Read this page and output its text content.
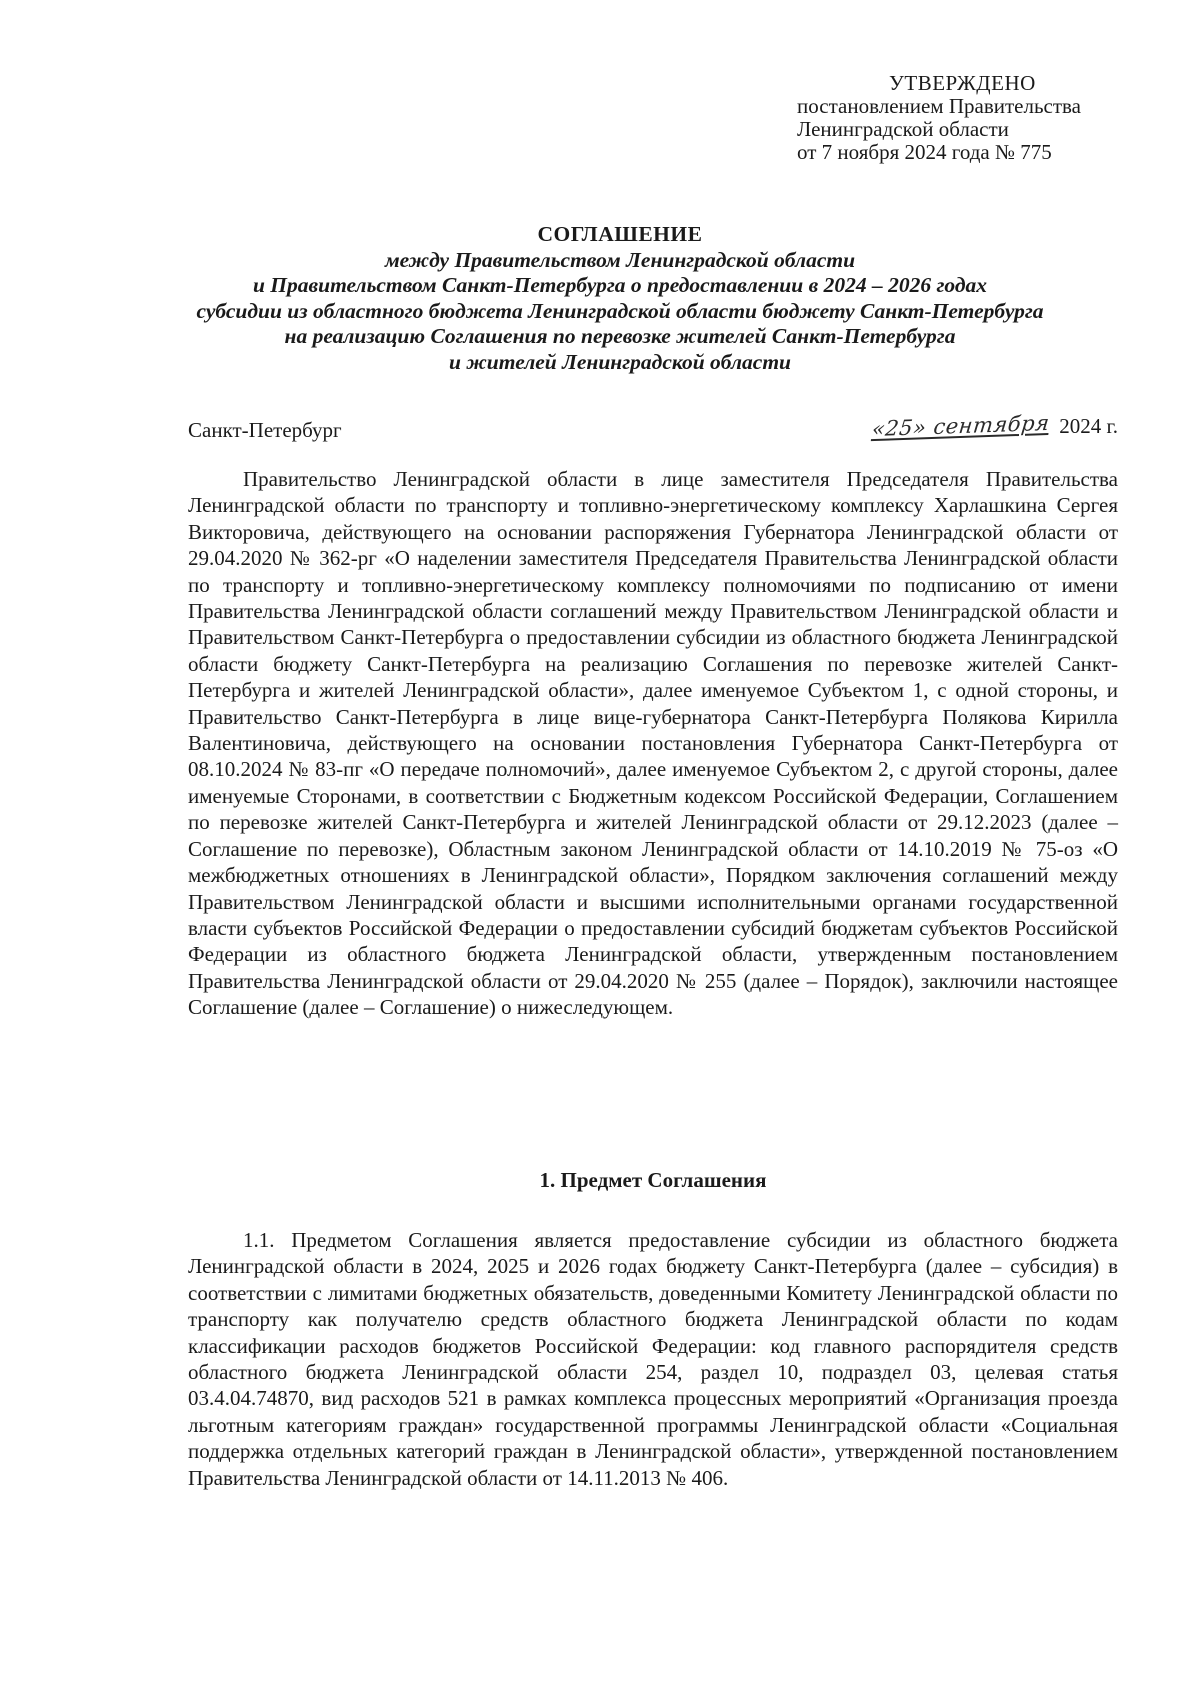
УТВЕРЖДЕНО
постановлением Правительства
Ленинградской области
от 7 ноября 2024 года № 775
СОГЛАШЕНИЕ
между Правительством Ленинградской области
и Правительством Санкт-Петербурга о предоставлении в 2024 – 2026 годах
субсидии из областного бюджета Ленинградской области бюджету Санкт-Петербурга
на реализацию Соглашения по перевозке жителей Санкт-Петербурга
и жителей Ленинградской области
Санкт-Петербург	«25» сентября 2024 г.

Правительство Ленинградской области в лице заместителя Председателя Правительства Ленинградской области по транспорту и топливно-энергетическому комплексу Харлашкина Сергея Викторовича, действующего на основании распоряжения Губернатора Ленинградской области от 29.04.2020 № 362-рг «О наделении заместителя Председателя Правительства Ленинградской области по транспорту и топливно-энергетическому комплексу полномочиями по подписанию от имени Правительства Ленинградской области соглашений между Правительством Ленинградской области и Правительством Санкт-Петербурга о предоставлении субсидии из областного бюджета Ленинградской области бюджету Санкт-Петербурга на реализацию Соглашения по перевозке жителей Санкт-Петербурга и жителей Ленинградской области», далее именуемое Субъектом 1, с одной стороны, и Правительство Санкт-Петербурга в лице вице-губернатора Санкт-Петербурга Полякова Кирилла Валентиновича, действующего на основании постановления Губернатора Санкт-Петербурга от 08.10.2024 № 83-пг «О передаче полномочий», далее именуемое Субъектом 2, с другой стороны, далее именуемые Сторонами, в соответствии с Бюджетным кодексом Российской Федерации, Соглашением по перевозке жителей Санкт-Петербурга и жителей Ленинградской области от 29.12.2023 (далее – Соглашение по перевозке), Областным законом Ленинградской области от 14.10.2019 № 75-оз «О межбюджетных отношениях в Ленинградской области», Порядком заключения соглашений между Правительством Ленинградской области и высшими исполнительными органами государственной власти субъектов Российской Федерации о предоставлении субсидий бюджетам субъектов Российской Федерации из областного бюджета Ленинградской области, утвержденным постановлением Правительства Ленинградской области от 29.04.2020 № 255 (далее – Порядок), заключили настоящее Соглашение (далее – Соглашение) о нижеследующем.

1. Предмет Соглашения

1.1. Предметом Соглашения является предоставление субсидии из областного бюджета Ленинградской области в 2024, 2025 и 2026 годах бюджету Санкт-Петербурга (далее – субсидия) в соответствии с лимитами бюджетных обязательств, доведенными Комитету Ленинградской области по транспорту как получателю средств областного бюджета Ленинградской области по кодам классификации расходов бюджетов Российской Федерации: код главного распорядителя средств областного бюджета Ленинградской области 254, раздел 10, подраздел 03, целевая статья 03.4.04.74870, вид расходов 521 в рамках комплекса процессных мероприятий «Организация проезда льготным категориям граждан» государственной программы Ленинградской области «Социальная поддержка отдельных категорий граждан в Ленинградской области», утвержденной постановлением Правительства Ленинградской области от 14.11.2013 № 406.
